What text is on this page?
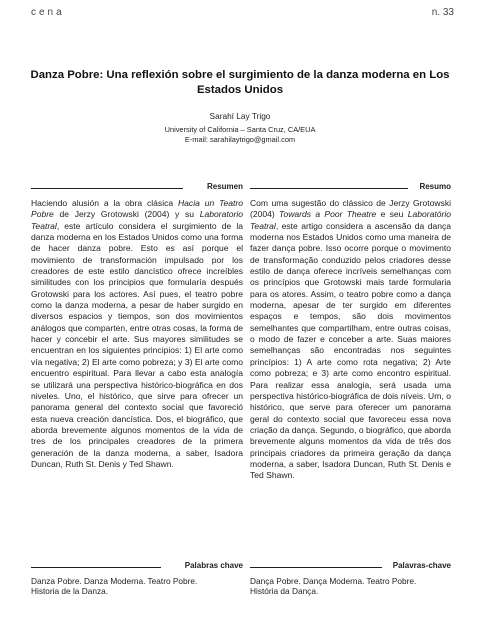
cena	n. 33
Danza Pobre: Una reflexión sobre el surgimiento de la danza moderna en Los Estados Unidos
Sarahí Lay Trigo
University of California – Santa Cruz, CA/EUA
E-mail: sarahilaytrigo@gmail.com
Resumen
Haciendo alusión a la obra clásica Hacia un Teatro Pobre de Jerzy Grotowski (2004) y su Laboratorio Teatral, este artículo considera el surgimiento de la danza moderna en los Estados Unidos como una forma de hacer danza pobre. Esto es así porque el movimiento de transformación impulsado por los creadores de este estilo dancístico ofrece increíbles similitudes con los principios que formularía después Grotowski para los actores. Así pues, el teatro pobre como la danza moderna, a pesar de haber surgido en diversos espacios y tiempos, son dos movimientos análogos que comparten, entre otras cosas, la forma de hacer y concebir el arte. Sus mayores similitudes se encuentran en los siguientes principios: 1) El arte como vía negativa; 2) El arte como pobreza; y 3) El arte como encuentro espiritual. Para llevar a cabo esta analogía se utilizará una perspectiva histórico-biográfica en dos niveles. Uno, el histórico, que sirve para ofrecer un panorama general del contexto social que favoreció esta nueva creación dancística. Dos, el biográfico, que aborda brevemente algunos momentos de la vida de tres de los principales creadores de la primera generación de la danza moderna, a saber, Isadora Duncan, Ruth St. Denis y Ted Shawn.
Resumo
Com uma sugestão do clássico de Jerzy Grotowski (2004) Towards a Poor Theatre e seu Laboratório Teatral, este artigo considera a ascensão da dança moderna nos Estados Unidos como uma maneira de fazer dança pobre. Isso ocorre porque o movimento de transformação conduzido pelos criadores desse estilo de dança oferece incríveis semelhanças com os princípios que Grotowski mais tarde formularia para os atores. Assim, o teatro pobre como a dança moderna, apesar de ter surgido em diferentes espaços e tempos, são dois movimentos semelhantes que compartilham, entre outras coisas, o modo de fazer e conceber a arte. Suas maiores semelhanças são encontradas nos seguintes princípios: 1) A arte como rota negativa; 2) Arte como pobreza; e 3) arte como encontro espiritual. Para realizar essa analogia, será usada uma perspectiva histórico-biográfica de dois níveis. Um, o histórico, que serve para oferecer um panorama geral do contexto social que favoreceu essa nova criação da dança. Segundo, o biográfico, que aborda brevemente alguns momentos da vida de três dos principais criadores da primeira geração da dança moderna, a saber, Isadora Duncan, Ruth St. Denis e Ted Shawn.
Palabras chave
Danza Pobre. Danza Moderna. Teatro Pobre. Historia de la Danza.
Palavras-chave
Dança Pobre. Dança Moderna. Teatro Pobre. História da Dança.
